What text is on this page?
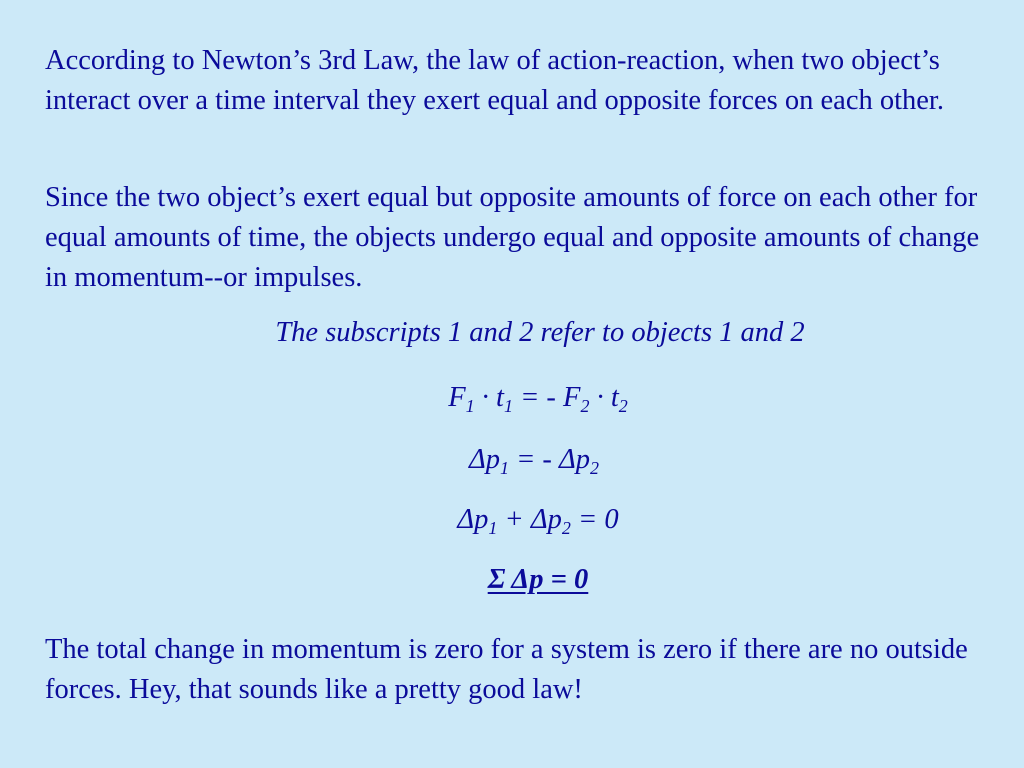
According to Newton’s 3rd Law, the law of action-reaction, when two object’s interact over a time interval they exert equal and opposite forces on each other.

Since the two object’s exert equal but opposite amounts of force on each other for equal amounts of time, the objects undergo equal and opposite amounts of change in momentum--or impulses.

The subscripts 1 and 2 refer to objects 1 and 2

$F_1 \cdot t_1$ = - $F_2 \cdot t_2$

$\Delta p_1$ = - $\Delta p_2$

$\Delta p_1 + \Delta p_2 = 0$

Σ Δp = 0

The total change in momentum is zero for a system is zero if there are no outside forces. Hey, that sounds like a pretty good law!
